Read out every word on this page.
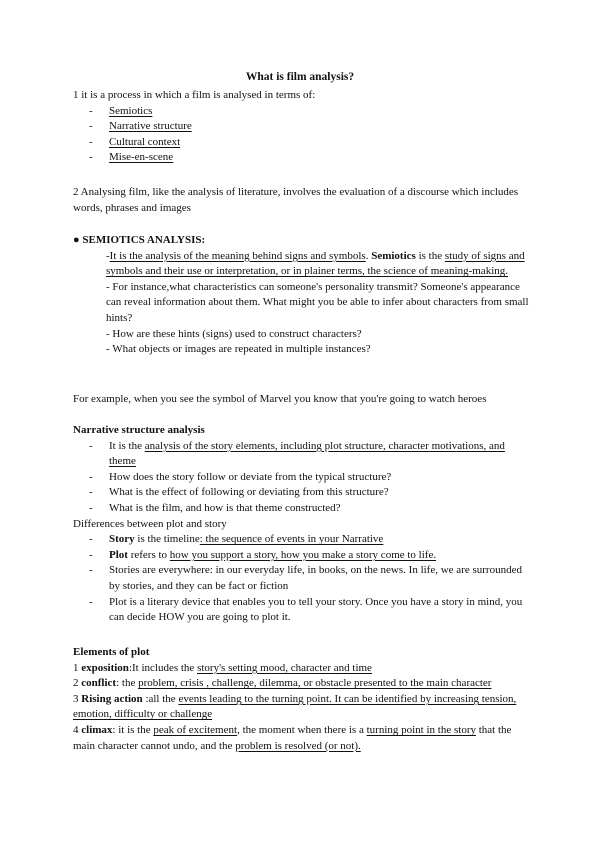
What is film analysis?

1 it is a process in which a film is analysed in terms of:

- Semiotics
- Narrative structure
- Cultural context
- Mise-en-scene

2 Analysing film, like the analysis of literature, involves the evaluation of a discourse which includes words, phrases and images

● SEMIOTICS ANALYSIS:

-It is the analysis of the meaning behind signs and symbols. Semiotics is the study of signs and symbols and their use or interpretation, or in plainer terms, the science of meaning-making.

- For instance,what characteristics can someone's personality transmit? Someone's appearance can reveal information about them. What might you be able to infer about characters from small hints?

- How are these hints (signs) used to construct characters?

- What objects or images are repeated in multiple instances?

For example, when you see the symbol of Marvel you know that you're going to watch heroes

Narrative structure analysis

- It is the analysis of the story elements, including plot structure, character motivations, and theme
- How does the story follow or deviate from the typical structure?
- What is the effect of following or deviating from this structure?
- What is the film, and how is that theme constructed?

Differences between plot and story

- Story is the timeline: the sequence of events in your Narrative
- Plot refers to how you support a story, how you make a story come to life.
- Stories are everywhere: in our everyday life, in books, on the news. In life, we are surrounded by stories, and they can be fact or fiction
- Plot is a literary device that enables you to tell your story. Once you have a story in mind, you can decide HOW you are going to plot it.

Elements of plot

1 exposition:It includes the story's setting mood, character and time

2 conflict: the problem, crisis , challenge, dilemma, or obstacle presented to the main character

3 Rising action :all the events leading to the turning point. It can be identified by increasing tension, emotion, difficulty or challenge

4 climax: it is the peak of excitement, the moment when there is a turning point in the story that the main character cannot undo, and the problem is resolved (or not).
